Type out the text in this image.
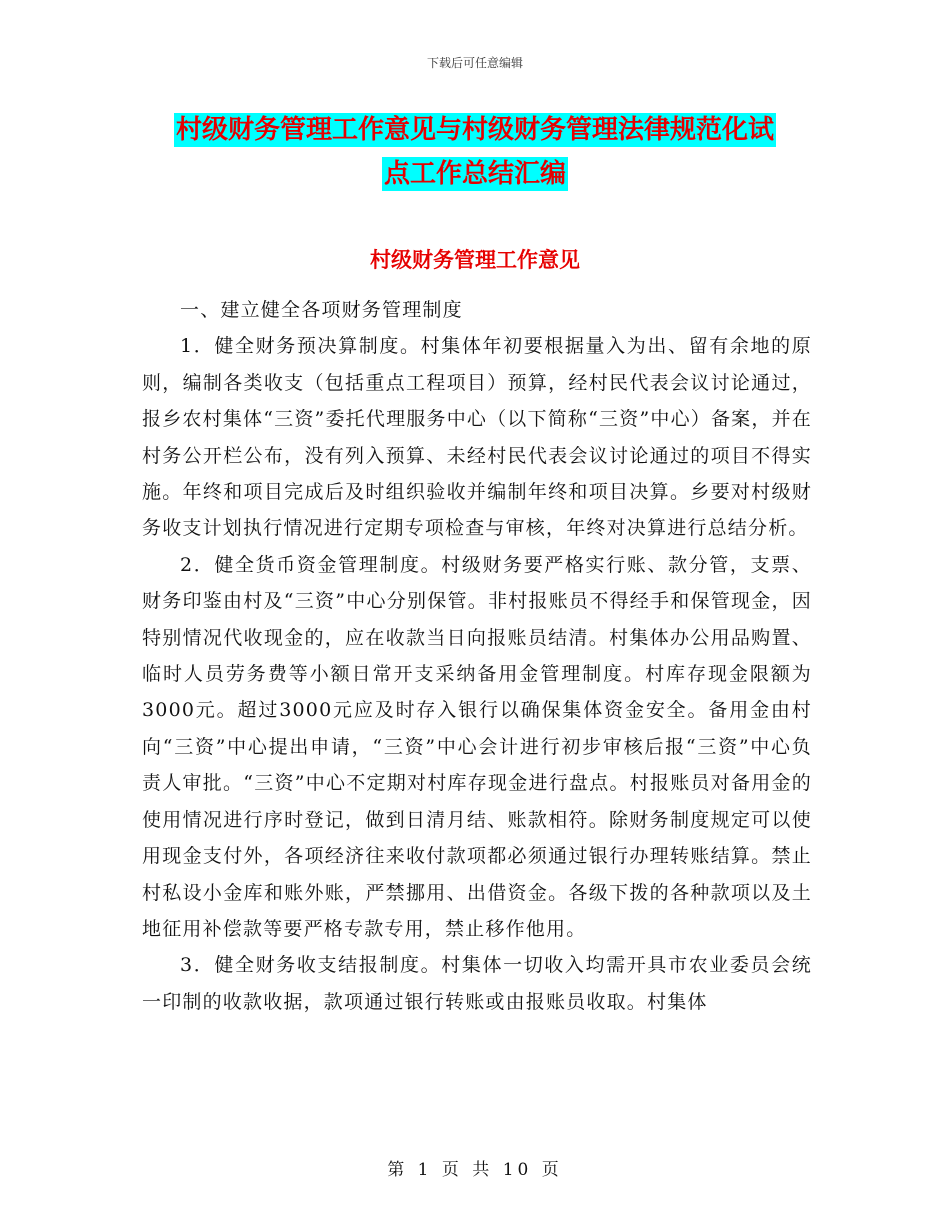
下载后可任意编辑
村级财务管理工作意见与村级财务管理法律规范化试
点工作总结汇编
村级财务管理工作意见

一、建立健全各项财务管理制度

1．健全财务预决算制度。村集体年初要根据量入为出、留有余地的原则，编制各类收支（包括重点工程项目）预算，经村民代表会议讨论通过，报乡农村集体“三资”委托代理服务中心（以下简称“三资”中心）备案，并在村务公开栏公布，没有列入预算、未经村民代表会议讨论通过的项目不得实施。年终和项目完成后及时组织验收并编制年终和项目决算。乡要对村级财务收支计划执行情况进行定期专项检查与审核，年终对决算进行总结分析。

2．健全货币资金管理制度。村级财务要严格实行账、款分管，支票、财务印鉴由村及“三资”中心分别保管。非村报账员不得经手和保管现金，因特别情况代收现金的，应在收款当日向报账员结清。村集体办公用品购置、临时人员劳务费等小额日常开支采纳备用金管理制度。村库存现金限额为3000元。超过3000元应及时存入银行以确保集体资金安全。备用金由村向“三资”中心提出申请，“三资”中心会计进行初步审核后报“三资”中心负责人审批。“三资”中心不定期对村库存现金进行盘点。村报账员对备用金的使用情况进行序时登记，做到日清月结、账款相符。除财务制度规定可以使用现金支付外，各项经济往来收付款项都必须通过银行办理转账结算。禁止村私设小金库和账外账，严禁挪用、出借资金。各级下拨的各种款项以及土地征用补偿款等要严格专款专用，禁止移作他用。

3．健全财务收支结报制度。村集体一切收入均需开具市农业委员会统一印制的收款收据，款项通过银行转账或由报账员收取。村集体

第 1 页 共 10 页
